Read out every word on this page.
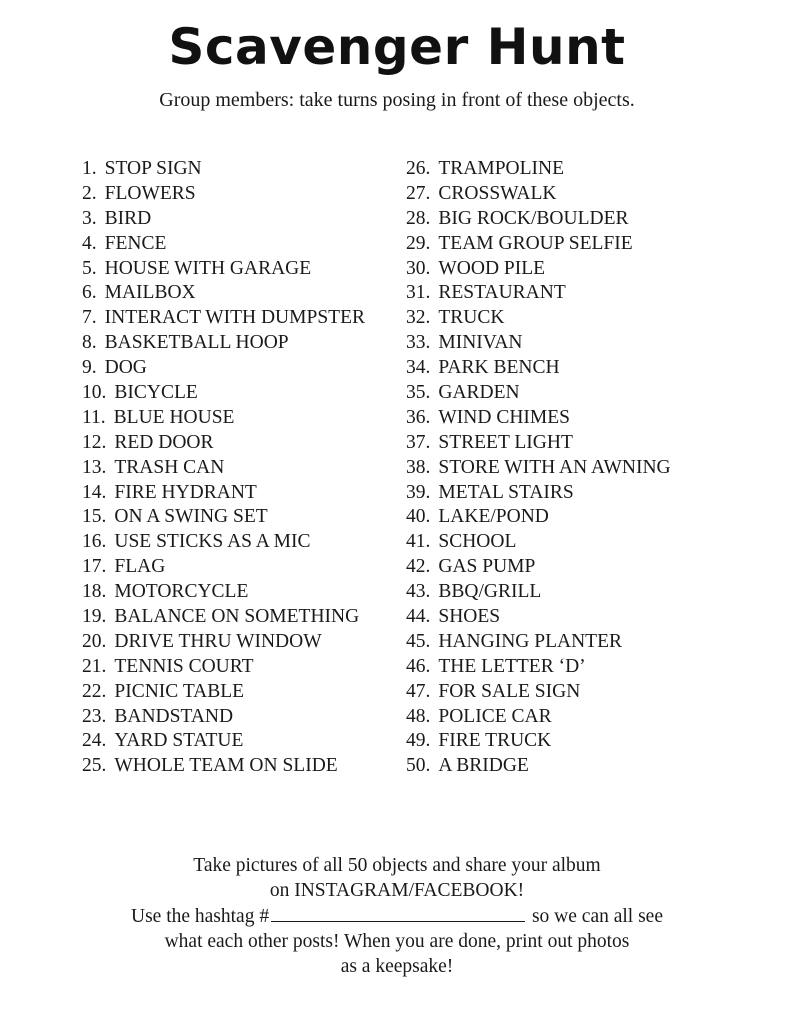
Scavenger Hunt
Group members: take turns posing in front of these objects.
1. STOP SIGN
2. FLOWERS
3. BIRD
4. FENCE
5. HOUSE WITH GARAGE
6. MAILBOX
7. INTERACT WITH DUMPSTER
8. BASKETBALL HOOP
9. DOG
10. BICYCLE
11. BLUE HOUSE
12. RED DOOR
13. TRASH CAN
14. FIRE HYDRANT
15. ON A SWING SET
16. USE STICKS AS A MIC
17. FLAG
18. MOTORCYCLE
19. BALANCE ON SOMETHING
20. DRIVE THRU WINDOW
21. TENNIS COURT
22. PICNIC TABLE
23. BANDSTAND
24. YARD STATUE
25. WHOLE TEAM ON SLIDE
26. TRAMPOLINE
27. CROSSWALK
28. BIG ROCK/BOULDER
29. TEAM GROUP SELFIE
30. WOOD PILE
31. RESTAURANT
32. TRUCK
33. MINIVAN
34. PARK BENCH
35. GARDEN
36. WIND CHIMES
37. STREET LIGHT
38. STORE WITH AN AWNING
39. METAL STAIRS
40. LAKE/POND
41. SCHOOL
42. GAS PUMP
43. BBQ/GRILL
44. SHOES
45. HANGING PLANTER
46. THE LETTER ‘D’
47. FOR SALE SIGN
48. POLICE CAR
49. FIRE TRUCK
50. A BRIDGE
Take pictures of all 50 objects and share your album
on INSTAGRAM/FACEBOOK!
Use the hashtag #	so we can all see
what each other posts! When you are done, print out photos
as a keepsake!
